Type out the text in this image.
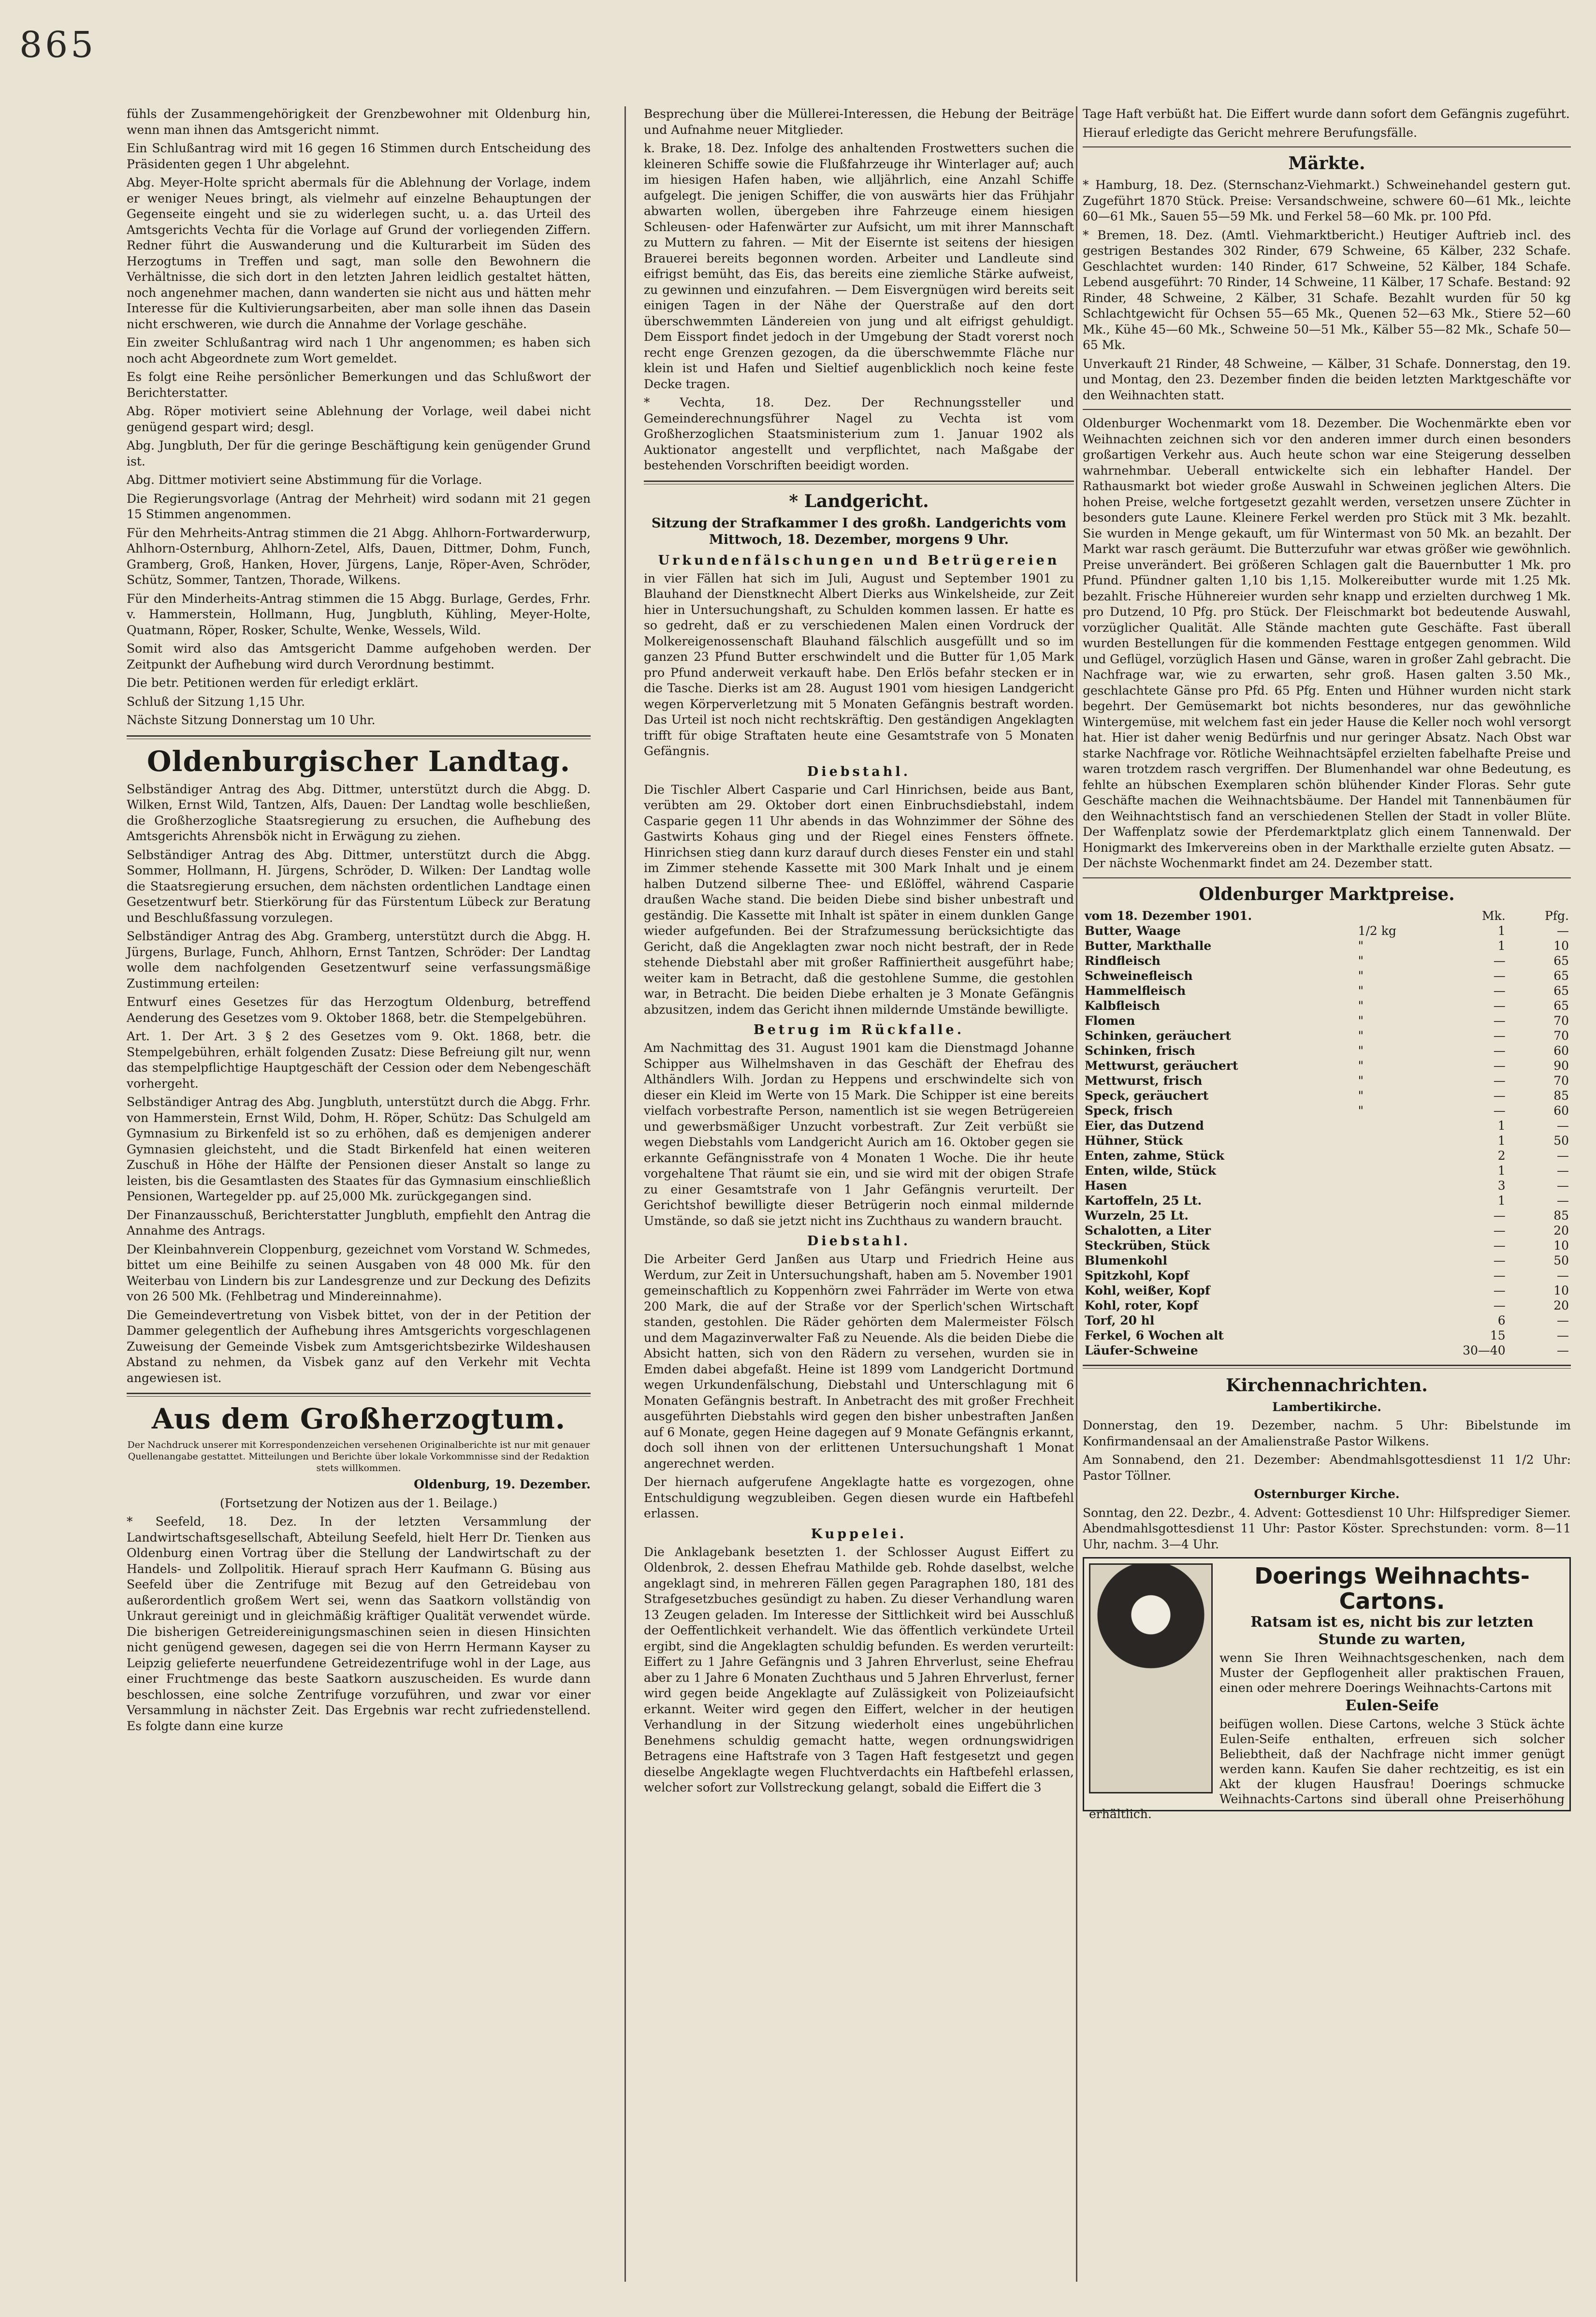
865

fühls der Zusammengehörigkeit der Grenzbewohner mit Oldenburg hin, wenn man ihnen das Amtsgericht nimmt.

Ein Schlußantrag wird mit 16 gegen 16 Stimmen durch Entscheidung des Präsidenten gegen 1 Uhr abgelehnt.

Abg. Meyer-Holte spricht abermals für die Ablehnung der Vorlage, indem er weniger Neues bringt, als vielmehr auf einzelne Behauptungen der Gegenseite eingeht und sie zu widerlegen sucht, u. a. das Urteil des Amtsgerichts Vechta für die Vorlage auf Grund der vorliegenden Ziffern. Redner führt die Auswanderung und die Kulturarbeit im Süden des Herzogtums in Treffen und sagt, man solle den Bewohnern die Verhältnisse, die sich dort in den letzten Jahren leidlich gestaltet hätten, noch angenehmer machen, dann wanderten sie nicht aus und hätten mehr Interesse für die Kultivierungsarbeiten, aber man solle ihnen das Dasein nicht erschweren, wie durch die Annahme der Vorlage geschähe.

Ein zweiter Schlußantrag wird nach 1 Uhr angenommen; es haben sich noch acht Abgeordnete zum Wort gemeldet.

Es folgt eine Reihe persönlicher Bemerkungen und das Schlußwort der Berichterstatter.

Abg. Röper motiviert seine Ablehnung der Vorlage, weil dabei nicht genügend gespart wird; desgl.

Abg. Jungbluth, Der für die geringe Beschäftigung kein genügender Grund ist.

Abg. Dittmer motiviert seine Abstimmung für die Vorlage.

Die Regierungsvorlage (Antrag der Mehrheit) wird sodann mit 21 gegen 15 Stimmen angenommen.

Für den Mehrheits-Antrag stimmen die 21 Abgg. Ahlhorn-Fortwarderwurp, Ahlhorn-Osternburg, Ahlhorn-Zetel, Alfs, Dauen, Dittmer, Dohm, Funch, Gramberg, Groß, Hanken, Hover, Jürgens, Lanje, Röper-Aven, Schröder, Schütz, Sommer, Tantzen, Thorade, Wilkens.

Für den Minderheits-Antrag stimmen die 15 Abgg. Burlage, Gerdes, Frhr. v. Hammerstein, Hollmann, Hug, Jungbluth, Kühling, Meyer-Holte, Quatmann, Röper, Rosker, Schulte, Wenke, Wessels, Wild.

Somit wird also das Amtsgericht Damme aufgehoben werden. Der Zeitpunkt der Aufhebung wird durch Verordnung bestimmt.

Die betr. Petitionen werden für erledigt erklärt.

Schluß der Sitzung 1,15 Uhr.

Nächste Sitzung Donnerstag um 10 Uhr.

Oldenburgischer Landtag.

Selbständiger Antrag des Abg. Dittmer, unterstützt durch die Abgg. D. Wilken, Ernst Wild, Tantzen, Alfs, Dauen: Der Landtag wolle beschließen, die Großherzogliche Staatsregierung zu ersuchen, die Aufhebung des Amtsgerichts Ahrensbök nicht in Erwägung zu ziehen.

Selbständiger Antrag des Abg. Dittmer, unterstützt durch die Abgg. Sommer, Hollmann, H. Jürgens, Schröder, D. Wilken: Der Landtag wolle die Staatsregierung ersuchen, dem nächsten ordentlichen Landtage einen Gesetzentwurf betr. Stierkörung für das Fürstentum Lübeck zur Beratung und Beschlußfassung vorzulegen.

Selbständiger Antrag des Abg. Gramberg, unterstützt durch die Abgg. H. Jürgens, Burlage, Funch, Ahlhorn, Ernst Tantzen, Schröder: Der Landtag wolle dem nachfolgenden Gesetzentwurf seine verfassungsmäßige Zustimmung erteilen:

Entwurf eines Gesetzes für das Herzogtum Oldenburg, betreffend Aenderung des Gesetzes vom 9. Oktober 1868, betr. die Stempelgebühren.

Art. 1. Der Art. 3 § 2 des Gesetzes vom 9. Okt. 1868, betr. die Stempelgebühren, erhält folgenden Zusatz: Diese Befreiung gilt nur, wenn das stempelpflichtige Hauptgeschäft der Cession oder dem Nebengeschäft vorhergeht.

Selbständiger Antrag des Abg. Jungbluth, unterstützt durch die Abgg. Frhr. von Hammerstein, Ernst Wild, Dohm, H. Röper, Schütz: Das Schulgeld am Gymnasium zu Birkenfeld ist so zu erhöhen, daß es demjenigen anderer Gymnasien gleichsteht, und die Stadt Birkenfeld hat einen weiteren Zuschuß in Höhe der Hälfte der Pensionen dieser Anstalt so lange zu leisten, bis die Gesamtlasten des Staates für das Gymnasium einschließlich Pensionen, Wartegelder pp. auf 25,000 Mk. zurückgegangen sind.

Der Finanzausschuß, Berichterstatter Jungbluth, empfiehlt den Antrag die Annahme des Antrags.

Der Kleinbahnverein Cloppenburg, gezeichnet vom Vorstand W. Schmedes, bittet um eine Beihilfe zu seinen Ausgaben von 48 000 Mk. für den Weiterbau von Lindern bis zur Landesgrenze und zur Deckung des Defizits von 26 500 Mk. (Fehlbetrag und Mindereinnahme).

Die Gemeindevertretung von Visbek bittet, von der in der Petition der Dammer gelegentlich der Aufhebung ihres Amtsgerichts vorgeschlagenen Zuweisung der Gemeinde Visbek zum Amtsgerichtsbezirke Wildeshausen Abstand zu nehmen, da Visbek ganz auf den Verkehr mit Vechta angewiesen ist.

Aus dem Großherzogtum.

Der Nachdruck unserer mit Korrespondenzeichen versehenen Originalberichte ist nur mit genauer Quellenangabe gestattet. Mitteilungen und Berichte über lokale Vorkommnisse sind der Redaktion stets willkommen.

Oldenburg, 19. Dezember.

(Fortsetzung der Notizen aus der 1. Beilage.)

* Seefeld, 18. Dez. In der letzten Versammlung der Landwirtschaftsgesellschaft, Abteilung Seefeld, hielt Herr Dr. Tienken aus Oldenburg einen Vortrag über die Stellung der Landwirtschaft zu der Handels- und Zollpolitik. Hierauf sprach Herr Kaufmann G. Büsing aus Seefeld über die Zentrifuge mit Bezug auf den Getreidebau von außerordentlich großem Wert sei, wenn das Saatkorn vollständig von Unkraut gereinigt und in gleichmäßig kräftiger Qualität verwendet würde. Die bisherigen Getreidereinigungsmaschinen seien in diesen Hinsichten nicht genügend gewesen, dagegen sei die von Herrn Hermann Kayser zu Leipzig gelieferte neuerfundene Getreidezentrifuge wohl in der Lage, aus einer Fruchtmenge das beste Saatkorn auszuscheiden. Es wurde dann beschlossen, eine solche Zentrifuge vorzuführen, und zwar vor einer Versammlung in nächster Zeit. Das Ergebnis war recht zufriedenstellend. Es folgte dann eine kurze

Besprechung über die Müllerei-Interessen, die Hebung der Beiträge und Aufnahme neuer Mitglieder.

k. Brake, 18. Dez. Infolge des anhaltenden Frostwetters suchen die kleineren Schiffe sowie die Flußfahrzeuge ihr Winterlager auf; auch im hiesigen Hafen haben, wie alljährlich, eine Anzahl Schiffe aufgelegt. Die jenigen Schiffer, die von auswärts hier das Frühjahr abwarten wollen, übergeben ihre Fahrzeuge einem hiesigen Schleusen- oder Hafenwärter zur Aufsicht, um mit ihrer Mannschaft zu Muttern zu fahren. — Mit der Eisernte ist seitens der hiesigen Brauerei bereits begonnen worden. Arbeiter und Landleute sind eifrigst bemüht, das Eis, das bereits eine ziemliche Stärke aufweist, zu gewinnen und einzufahren. — Dem Eisvergnügen wird bereits seit einigen Tagen in der Nähe der Querstraße auf den dort überschwemmten Ländereien von jung und alt eifrigst gehuldigt. Dem Eissport findet jedoch in der Umgebung der Stadt vorerst noch recht enge Grenzen gezogen, da die überschwemmte Fläche nur klein ist und Hafen und Sieltief augenblicklich noch keine feste Decke tragen.

* Vechta, 18. Dez. Der Rechnungssteller und Gemeinderechnungsführer Nagel zu Vechta ist vom Großherzoglichen Staatsministerium zum 1. Januar 1902 als Auktionator angestellt und verpflichtet, nach Maßgabe der bestehenden Vorschriften beeidigt worden.

* Landgericht.

Sitzung der Strafkammer I des großh. Landgerichts vom Mittwoch, 18. Dezember, morgens 9 Uhr.

Urkundenfälschungen und Betrügereien

in vier Fällen hat sich im Juli, August und September 1901 zu Blauhand der Dienstknecht Albert Dierks aus Winkelsheide, zur Zeit hier in Untersuchungshaft, zu Schulden kommen lassen. Er hatte es so gedreht, daß er zu verschiedenen Malen einen Vordruck der Molkereigenossenschaft Blauhand fälschlich ausgefüllt und so im ganzen 23 Pfund Butter erschwindelt und die Butter für 1,05 Mark pro Pfund anderweit verkauft habe. Den Erlös befahr stecken er in die Tasche. Dierks ist am 28. August 1901 vom hiesigen Landgericht wegen Körperverletzung mit 5 Monaten Gefängnis bestraft worden. Das Urteil ist noch nicht rechtskräftig. Den geständigen Angeklagten trifft für obige Straftaten heute eine Gesamtstrafe von 5 Monaten Gefängnis.

Diebstahl.

Die Tischler Albert Casparie und Carl Hinrichsen, beide aus Bant, verübten am 29. Oktober dort einen Einbruchsdiebstahl, indem Casparie gegen 11 Uhr abends in das Wohnzimmer der Söhne des Gastwirts Kohaus ging und der Riegel eines Fensters öffnete. Hinrichsen stieg dann kurz darauf durch dieses Fenster ein und stahl im Zimmer stehende Kassette mit 300 Mark Inhalt und je einem halben Dutzend silberne Thee- und Eßlöffel, während Casparie draußen Wache stand. Die beiden Diebe sind bisher unbestraft und geständig. Die Kassette mit Inhalt ist später in einem dunklen Gange wieder aufgefunden. Bei der Strafzumessung berücksichtigte das Gericht, daß die Angeklagten zwar noch nicht bestraft, der in Rede stehende Diebstahl aber mit großer Raffiniertheit ausgeführt habe; weiter kam in Betracht, daß die gestohlene Summe, die gestohlen war, in Betracht. Die beiden Diebe erhalten je 3 Monate Gefängnis abzusitzen, indem das Gericht ihnen mildernde Umstände bewilligte.

Betrug im Rückfalle.

Am Nachmittag des 31. August 1901 kam die Dienstmagd Johanne Schipper aus Wilhelmshaven in das Geschäft der Ehefrau des Althändlers Wilh. Jordan zu Heppens und erschwindelte sich von dieser ein Kleid im Werte von 15 Mark. Die Schipper ist eine bereits vielfach vorbestrafte Person, namentlich ist sie wegen Betrügereien und gewerbsmäßiger Unzucht vorbestraft. Zur Zeit verbüßt sie wegen Diebstahls vom Landgericht Aurich am 16. Oktober gegen sie erkannte Gefängnisstrafe von 4 Monaten 1 Woche. Die ihr heute vorgehaltene That räumt sie ein, und sie wird mit der obigen Strafe zu einer Gesamtstrafe von 1 Jahr Gefängnis verurteilt. Der Gerichtshof bewilligte dieser Betrügerin noch einmal mildernde Umstände, so daß sie jetzt nicht ins Zuchthaus zu wandern braucht.

Diebstahl.

Die Arbeiter Gerd Janßen aus Utarp und Friedrich Heine aus Werdum, zur Zeit in Untersuchungshaft, haben am 5. November 1901 gemeinschaftlich zu Koppenhörn zwei Fahrräder im Werte von etwa 200 Mark, die auf der Straße vor der Sperlich'schen Wirtschaft standen, gestohlen. Die Räder gehörten dem Malermeister Fölsch und dem Magazinverwalter Faß zu Neuende. Als die beiden Diebe die Absicht hatten, sich von den Rädern zu versehen, wurden sie in Emden dabei abgefaßt. Heine ist 1899 vom Landgericht Dortmund wegen Urkundenfälschung, Diebstahl und Unterschlagung mit 6 Monaten Gefängnis bestraft. In Anbetracht des mit großer Frechheit ausgeführten Diebstahls wird gegen den bisher unbestraften Janßen auf 6 Monate, gegen Heine dagegen auf 9 Monate Gefängnis erkannt, doch soll ihnen von der erlittenen Untersuchungshaft 1 Monat angerechnet werden.

Der hiernach aufgerufene Angeklagte hatte es vorgezogen, ohne Entschuldigung wegzubleiben. Gegen diesen wurde ein Haftbefehl erlassen.

Kuppelei.

Die Anklagebank besetzten 1. der Schlosser August Eiffert zu Oldenbrok, 2. dessen Ehefrau Mathilde geb. Rohde daselbst, welche angeklagt sind, in mehreren Fällen gegen Paragraphen 180, 181 des Strafgesetzbuches gesündigt zu haben. Zu dieser Verhandlung waren 13 Zeugen geladen. Im Interesse der Sittlichkeit wird bei Ausschluß der Oeffentlichkeit verhandelt. Wie das öffentlich verkündete Urteil ergibt, sind die Angeklagten schuldig befunden. Es werden verurteilt: Eiffert zu 1 Jahre Gefängnis und 3 Jahren Ehrverlust, seine Ehefrau aber zu 1 Jahre 6 Monaten Zuchthaus und 5 Jahren Ehrverlust, ferner wird gegen beide Angeklagte auf Zulässigkeit von Polizeiaufsicht erkannt. Weiter wird gegen den Eiffert, welcher in der heutigen Verhandlung in der Sitzung wiederholt eines ungebührlichen Benehmens schuldig gemacht hatte, wegen ordnungswidrigen Betragens eine Haftstrafe von 3 Tagen Haft festgesetzt und gegen dieselbe Angeklagte wegen Fluchtverdachts ein Haftbefehl erlassen, welcher sofort zur Vollstreckung gelangt, sobald die Eiffert die 3

Tage Haft verbüßt hat. Die Eiffert wurde dann sofort dem Gefängnis zugeführt.

Hierauf erledigte das Gericht mehrere Berufungsfälle.

Märkte.

* Hamburg, 18. Dez. (Sternschanz-Viehmarkt.) Schweinehandel gestern gut. Zugeführt 1870 Stück. Preise: Versandschweine, schwere 60—61 Mk., leichte 60—61 Mk., Sauen 55—59 Mk. und Ferkel 58—60 Mk. pr. 100 Pfd.

* Bremen, 18. Dez. (Amtl. Viehmarktbericht.) Heutiger Auftrieb incl. des gestrigen Bestandes 302 Rinder, 679 Schweine, 65 Kälber, 232 Schafe. Geschlachtet wurden: 140 Rinder, 617 Schweine, 52 Kälber, 184 Schafe. Lebend ausgeführt: 70 Rinder, 14 Schweine, 11 Kälber, 17 Schafe. Bestand: 92 Rinder, 48 Schweine, 2 Kälber, 31 Schafe. Bezahlt wurden für 50 kg Schlachtgewicht für Ochsen 55—65 Mk., Quenen 52—63 Mk., Stiere 52—60 Mk., Kühe 45—60 Mk., Schweine 50—51 Mk., Kälber 55—82 Mk., Schafe 50—65 Mk.

Unverkauft 21 Rinder, 48 Schweine, — Kälber, 31 Schafe. Donnerstag, den 19. und Montag, den 23. Dezember finden die beiden letzten Marktgeschäfte vor den Weihnachten statt.

Oldenburger Wochenmarkt vom 18. Dezember. Die Wochenmärkte eben vor Weihnachten zeichnen sich vor den anderen immer durch einen besonders großartigen Verkehr aus. Auch heute schon war eine Steigerung desselben wahrnehmbar. Ueberall entwickelte sich ein lebhafter Handel. Der Rathausmarkt bot wieder große Auswahl in Schweinen jeglichen Alters. Die hohen Preise, welche fortgesetzt gezahlt werden, versetzen unsere Züchter in besonders gute Laune. Kleinere Ferkel werden pro Stück mit 3 Mk. bezahlt. Sie wurden in Menge gekauft, um für Wintermast von 50 Mk. an bezahlt. Der Markt war rasch geräumt. Die Butterzufuhr war etwas größer wie gewöhnlich. Preise unverändert. Bei größeren Schlagen galt die Bauernbutter 1 Mk. pro Pfund. Pfündner galten 1,10 bis 1,15. Molkereibutter wurde mit 1.25 Mk. bezahlt. Frische Hühnereier wurden sehr knapp und erzielten durchweg 1 Mk. pro Dutzend, 10 Pfg. pro Stück. Der Fleischmarkt bot bedeutende Auswahl, vorzüglicher Qualität. Alle Stände machten gute Geschäfte. Fast überall wurden Bestellungen für die kommenden Festtage entgegen genommen. Wild und Geflügel, vorzüglich Hasen und Gänse, waren in großer Zahl gebracht. Die Nachfrage war, wie zu erwarten, sehr groß. Hasen galten 3.50 Mk., geschlachtete Gänse pro Pfd. 65 Pfg. Enten und Hühner wurden nicht stark begehrt. Der Gemüsemarkt bot nichts besonderes, nur das gewöhnliche Wintergemüse, mit welchem fast ein jeder Hause die Keller noch wohl versorgt hat. Hier ist daher wenig Bedürfnis und nur geringer Absatz. Nach Obst war starke Nachfrage vor. Rötliche Weihnachtsäpfel erzielten fabelhafte Preise und waren trotzdem rasch vergriffen. Der Blumenhandel war ohne Bedeutung, es fehlte an hübschen Exemplaren schön blühender Kinder Floras. Sehr gute Geschäfte machen die Weihnachtsbäume. Der Handel mit Tannenbäumen für den Weihnachtstisch fand an verschiedenen Stellen der Stadt in voller Blüte. Der Waffenplatz sowie der Pferdemarktplatz glich einem Tannenwald. Der Honigmarkt des Imkervereins oben in der Markthalle erzielte guten Absatz. — Der nächste Wochenmarkt findet am 24. Dezember statt.

Oldenburger Marktpreise.
vom 18. Dezember 1901.		Mk.	Pfg.
Butter, Waage	1/2 kg	1	—
Butter, Markthalle	"	1	10
Rindfleisch	"	—	65
Schweinefleisch	"	—	65
Hammelfleisch	"	—	65
Kalbfleisch	"	—	65
Flomen	"	—	70
Schinken, geräuchert	"	—	70
Schinken, frisch	"	—	60
Mettwurst, geräuchert	"	—	90
Mettwurst, frisch	"	—	70
Speck, geräuchert	"	—	85
Speck, frisch	"	—	60
Eier, das Dutzend		1	—
Hühner, Stück		1	50
Enten, zahme, Stück		2	—
Enten, wilde, Stück		1	—
Hasen		3	—
Kartoffeln, 25 Lt.		1	—
Wurzeln, 25 Lt.		—	85
Schalotten, a Liter		—	20
Steckrüben, Stück		—	10
Blumenkohl		—	50
Spitzkohl, Kopf		—	—
Kohl, weißer, Kopf		—	10
Kohl, roter, Kopf		—	20
Torf, 20 hl		6	—
Ferkel, 6 Wochen alt		15	—
Läufer-Schweine		30—40	—
Kirchennachrichten.

Lambertikirche.

Donnerstag, den 19. Dezember, nachm. 5 Uhr: Bibelstunde im Konfirmandensaal an der Amalienstraße Pastor Wilkens.

Am Sonnabend, den 21. Dezember: Abendmahlsgottesdienst 11 1/2 Uhr: Pastor Töllner.

Osternburger Kirche.

Sonntag, den 22. Dezbr., 4. Advent: Gottesdienst 10 Uhr: Hilfsprediger Siemer. Abendmahlsgottesdienst 11 Uhr: Pastor Köster. Sprechstunden: vorm. 8—11 Uhr, nachm. 3—4 Uhr.

Doerings Weihnachts-Cartons.
Ratsam ist es, nicht bis zur letzten Stunde zu warten,
wenn Sie Ihren Weihnachtsgeschenken, nach dem Muster der Gepflogenheit aller praktischen Frauen, einen oder mehrere Doerings Weihnachts-Cartons mit
Eulen-Seife
beifügen wollen. Diese Cartons, welche 3 Stück ächte Eulen-Seife enthalten, erfreuen sich solcher Beliebtheit, daß der Nachfrage nicht immer genügt werden kann. Kaufen Sie daher rechtzeitig, es ist ein Akt der klugen Hausfrau! Doerings schmucke Weihnachts-Cartons sind überall ohne Preiserhöhung erhältlich.
